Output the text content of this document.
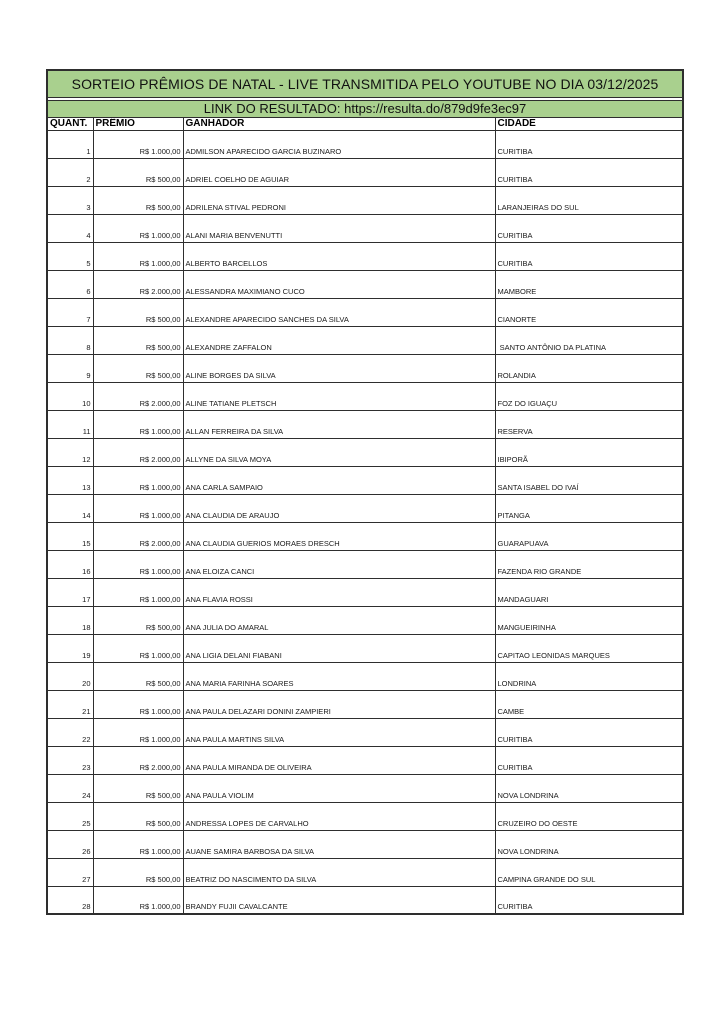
SORTEIO PRÊMIOS DE NATAL - LIVE TRANSMITIDA PELO YOUTUBE NO DIA 03/12/2025			

LINK DO RESULTADO: https://resulta.do/879d9fe3ec97			
QUANT.	PRÊMIO	GANHADOR	CIDADE
1	R$ 1.000,00	ADMILSON APARECIDO GARCIA BUZINARO	CURITIBA
2	R$ 500,00	ADRIEL COELHO DE AGUIAR	CURITIBA
3	R$ 500,00	ADRILENA STIVAL PEDRONI	LARANJEIRAS DO SUL
4	R$ 1.000,00	ALANI MARIA BENVENUTTI	CURITIBA
5	R$ 1.000,00	ALBERTO BARCELLOS	CURITIBA
6	R$ 2.000,00	ALESSANDRA MAXIMIANO CUCO	MAMBORE
7	R$ 500,00	ALEXANDRE APARECIDO SANCHES DA SILVA	CIANORTE
8	R$ 500,00	ALEXANDRE ZAFFALON	SANTO ANTÔNIO DA PLATINA
9	R$ 500,00	ALINE BORGES DA SILVA	ROLANDIA
10	R$ 2.000,00	ALINE TATIANE PLETSCH	FOZ DO IGUAÇU
11	R$ 1.000,00	ALLAN FERREIRA DA SILVA	RESERVA
12	R$ 2.000,00	ALLYNE DA SILVA MOYA	IBIPORÃ
13	R$ 1.000,00	ANA CARLA SAMPAIO	SANTA ISABEL DO IVAÍ
14	R$ 1.000,00	ANA CLAUDIA DE ARAUJO	PITANGA
15	R$ 2.000,00	ANA CLAUDIA GUERIOS MORAES DRESCH	GUARAPUAVA
16	R$ 1.000,00	ANA ELOIZA CANCI	FAZENDA RIO GRANDE
17	R$ 1.000,00	ANA FLAVIA ROSSI	MANDAGUARI
18	R$ 500,00	ANA JULIA DO AMARAL	MANGUEIRINHA
19	R$ 1.000,00	ANA LIGIA DELANI FIABANI	CAPITAO LEONIDAS MARQUES
20	R$ 500,00	ANA MARIA FARINHA SOARES	LONDRINA
21	R$ 1.000,00	ANA PAULA DELAZARI DONINI ZAMPIERI	CAMBE
22	R$ 1.000,00	ANA PAULA MARTINS SILVA	CURITIBA
23	R$ 2.000,00	ANA PAULA MIRANDA DE OLIVEIRA	CURITIBA
24	R$ 500,00	ANA PAULA VIOLIM	NOVA LONDRINA
25	R$ 500,00	ANDRESSA LOPES DE CARVALHO	CRUZEIRO DO OESTE
26	R$ 1.000,00	AUANE SAMIRA BARBOSA DA SILVA	NOVA LONDRINA
27	R$ 500,00	BEATRIZ DO NASCIMENTO DA SILVA	CAMPINA GRANDE DO SUL
28	R$ 1.000,00	BRANDY FUJII CAVALCANTE	CURITIBA
